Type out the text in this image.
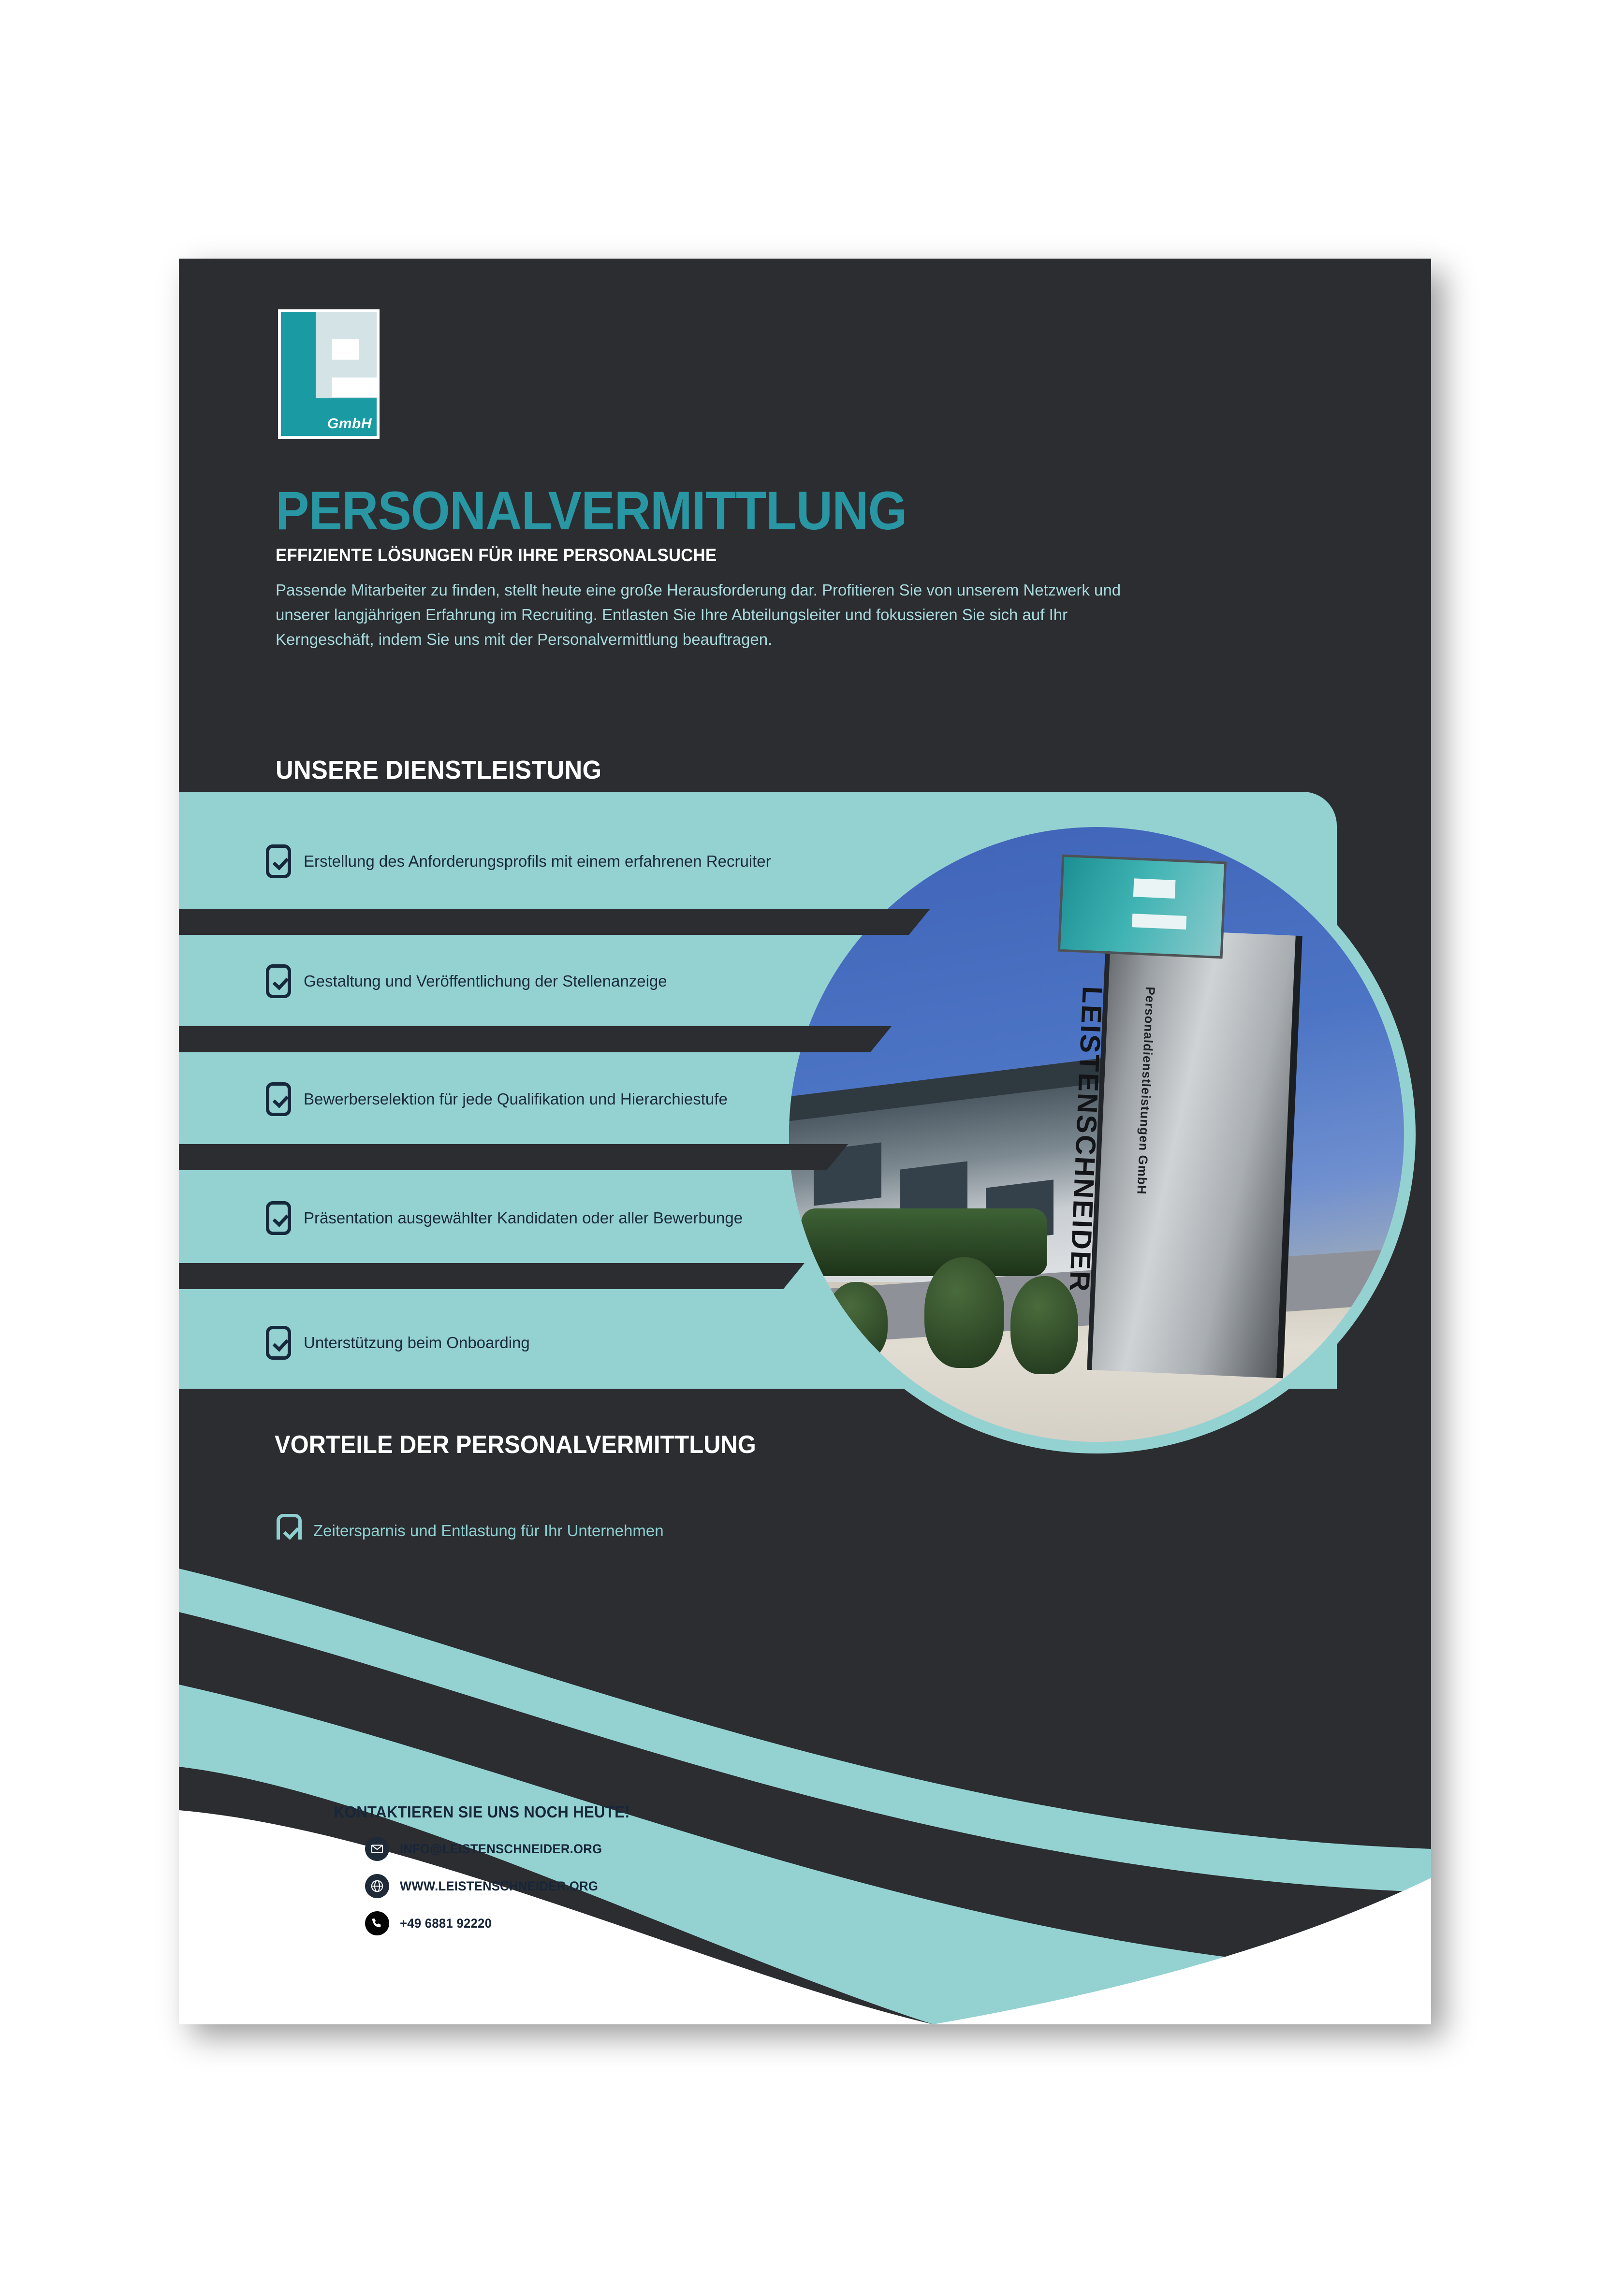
GmbH
PERSONALVERMITTLUNG
EFFIZIENTE LÖSUNGEN FÜR IHRE PERSONALSUCHE
Passende Mitarbeiter zu finden, stellt heute eine große Herausforderung dar. Profitieren Sie von unserem Netzwerk und unserer langjährigen Erfahrung im Recruiting. Entlasten Sie Ihre Abteilungsleiter und fokussieren Sie sich auf Ihr Kerngeschäft, indem Sie uns mit der Personalvermittlung beauftragen.
UNSERE DIENSTLEISTUNG
LEISTENSCHNEIDER Personaldienstleistungen GmbH
Erstellung des Anforderungsprofils mit einem erfahrenen Recruiter
Gestaltung und Veröffentlichung der Stellenanzeige
Bewerberselektion für jede Qualifikation und Hierarchiestufe
Präsentation ausgewählter Kandidaten oder aller Bewerbunge
Unterstützung beim Onboarding
VORTEILE DER PERSONALVERMITTLUNG
Zeitersparnis und Entlastung für Ihr Unternehmen
KONTAKTIEREN SIE UNS NOCH HEUTE!
INFO@LEISTENSCHNEIDER.ORG
WWW.LEISTENSCHNEIDER.ORG
+49 6881 92220
